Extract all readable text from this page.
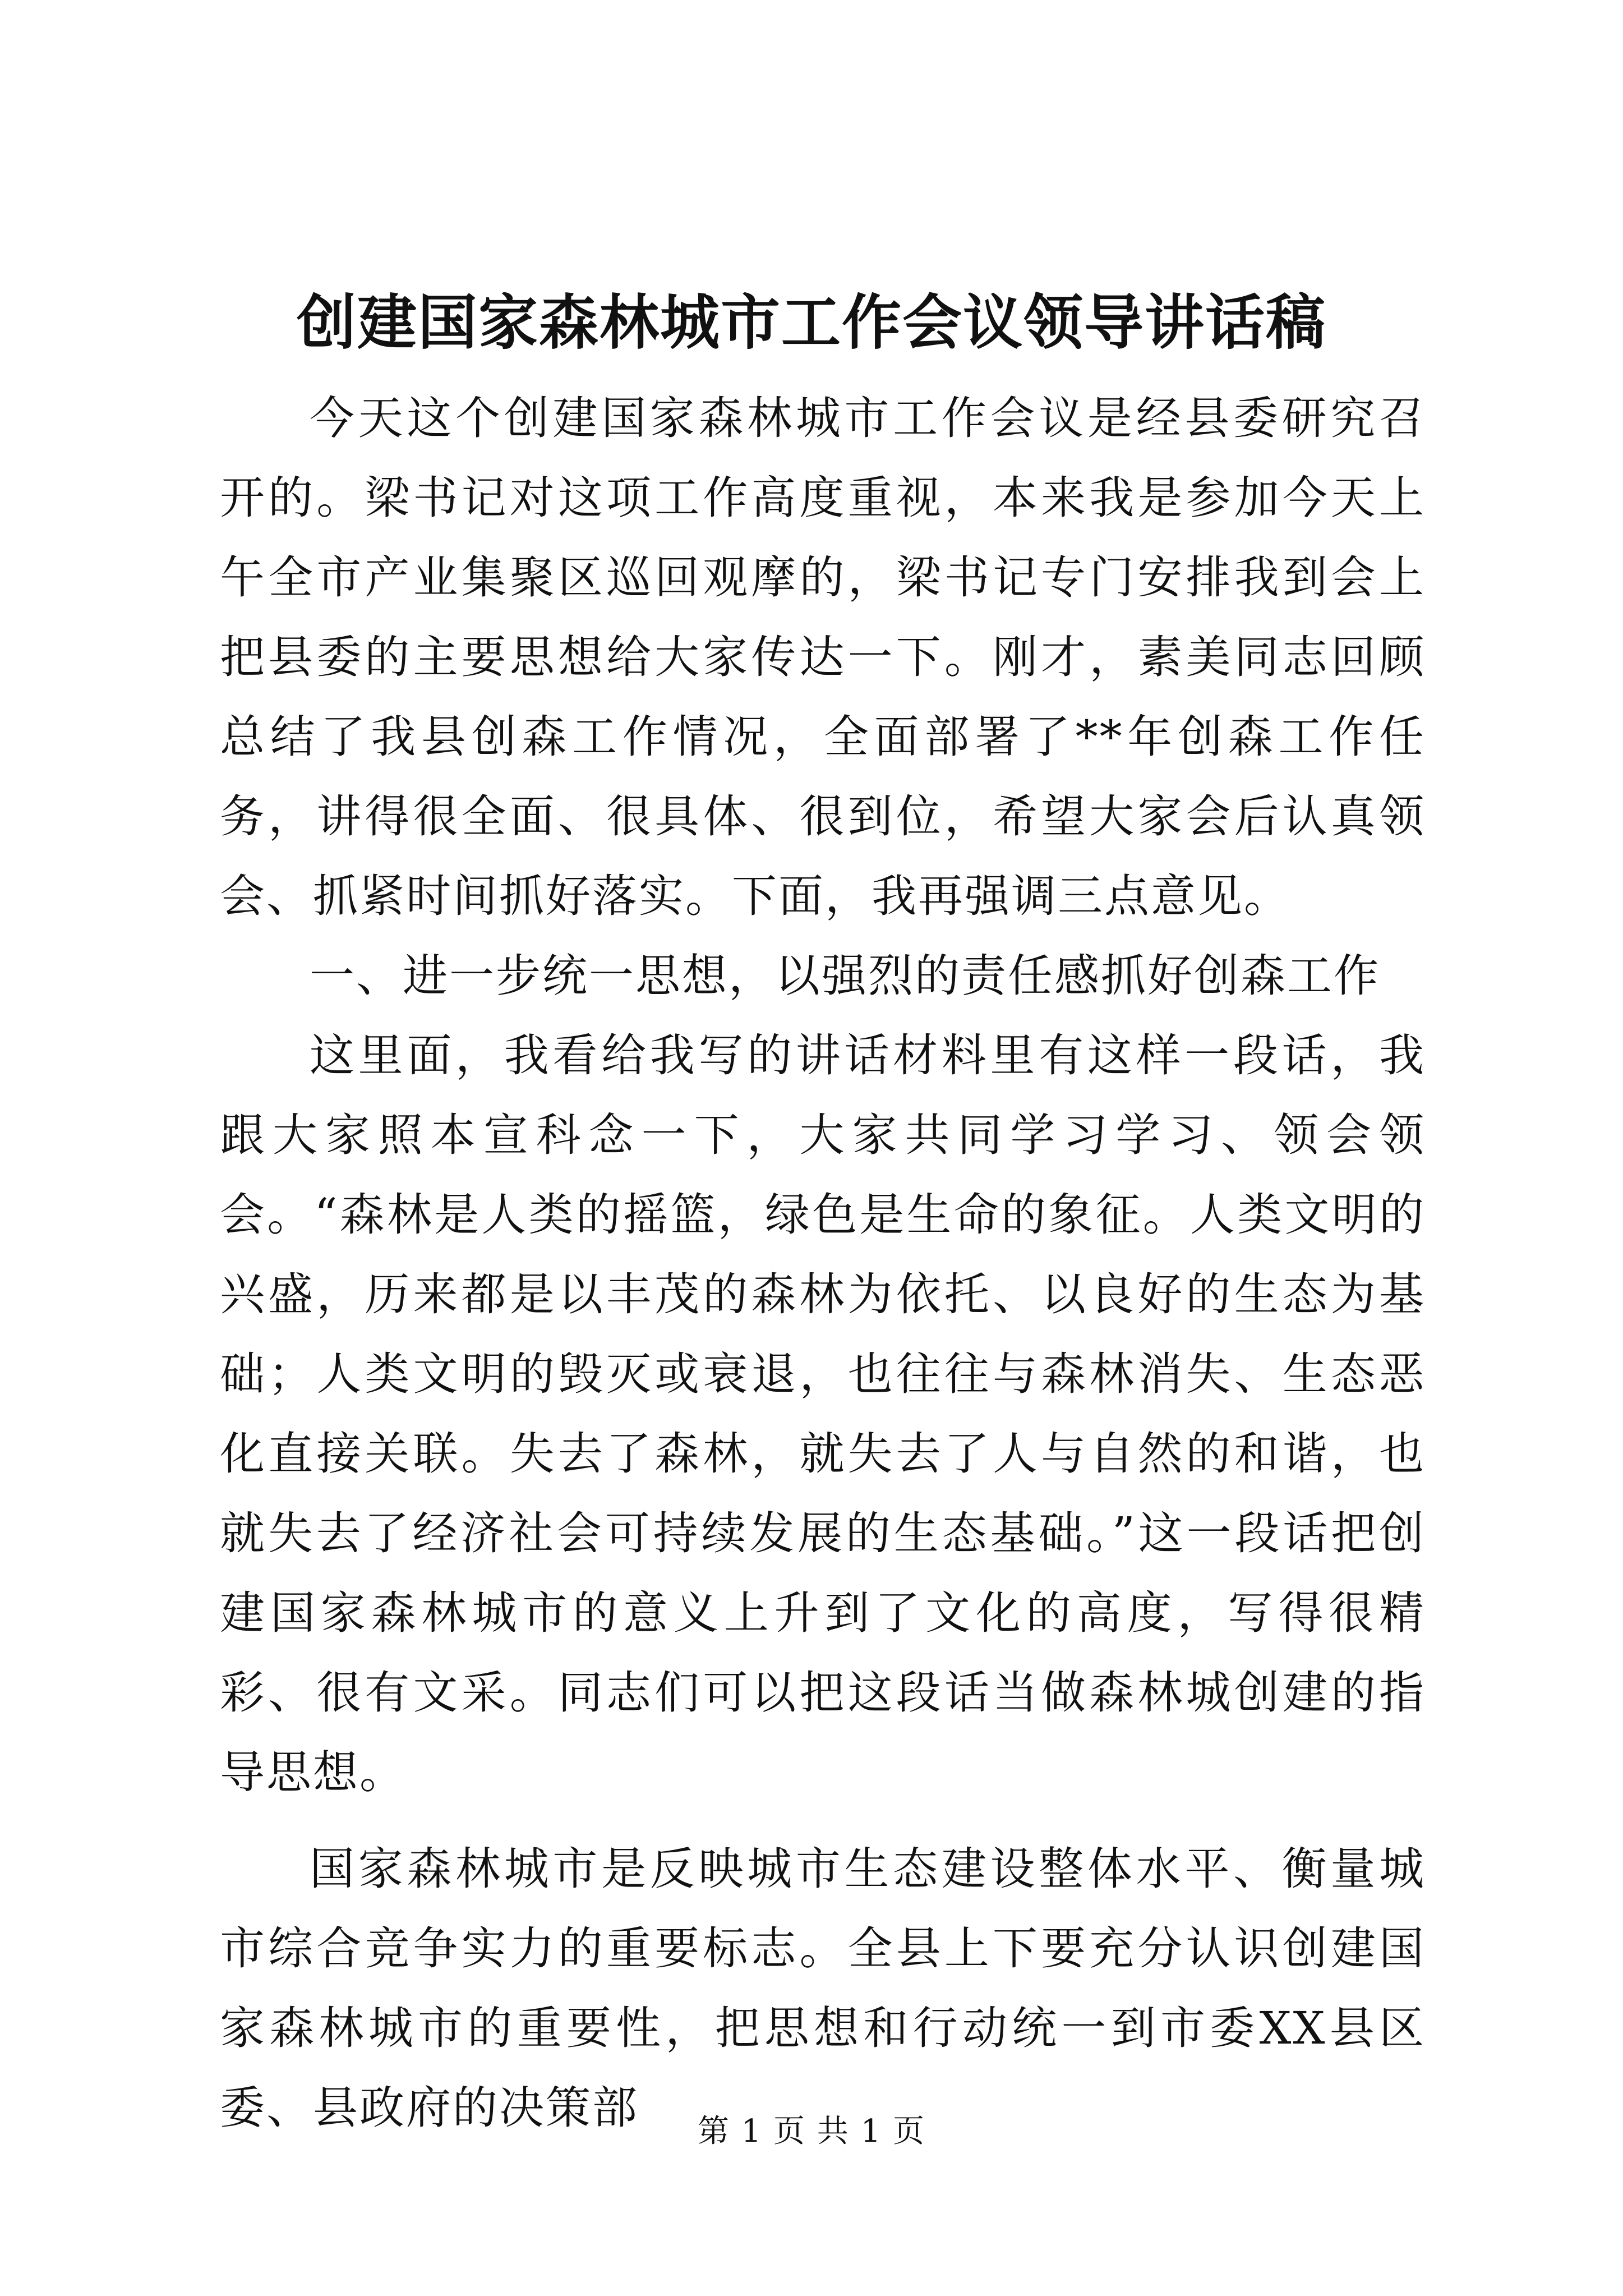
创建国家森林城市工作会议领导讲话稿

今天这个创建国家森林城市工作会议是经县委研究召开的。梁书记对这项工作高度重视，本来我是参加今天上午全市产业集聚区巡回观摩的，梁书记专门安排我到会上把县委的主要思想给大家传达一下。刚才，素美同志回顾总结了我县创森工作情况，全面部署了**年创森工作任务，讲得很全面、很具体、很到位，希望大家会后认真领会、抓紧时间抓好落实。下面，我再强调三点意见。

一、进一步统一思想，以强烈的责任感抓好创森工作

这里面，我看给我写的讲话材料里有这样一段话，我跟大家照本宣科念一下，大家共同学习学习、领会领会。“森林是人类的摇篮，绿色是生命的象征。人类文明的兴盛，历来都是以丰茂的森林为依托、以良好的生态为基础；人类文明的毁灭或衰退，也往往与森林消失、生态恶化直接关联。失去了森林，就失去了人与自然的和谐，也就失去了经济社会可持续发展的生态基础。”这一段话把创建国家森林城市的意义上升到了文化的高度，写得很精彩、很有文采。同志们可以把这段话当做森林城创建的指导思想。

国家森林城市是反映城市生态建设整体水平、衡量城市综合竞争实力的重要标志。全县上下要充分认识创建国家森林城市的重要性，把思想和行动统一到市委XX县区委、县政府的决策部	第 1 页 共 1 页
